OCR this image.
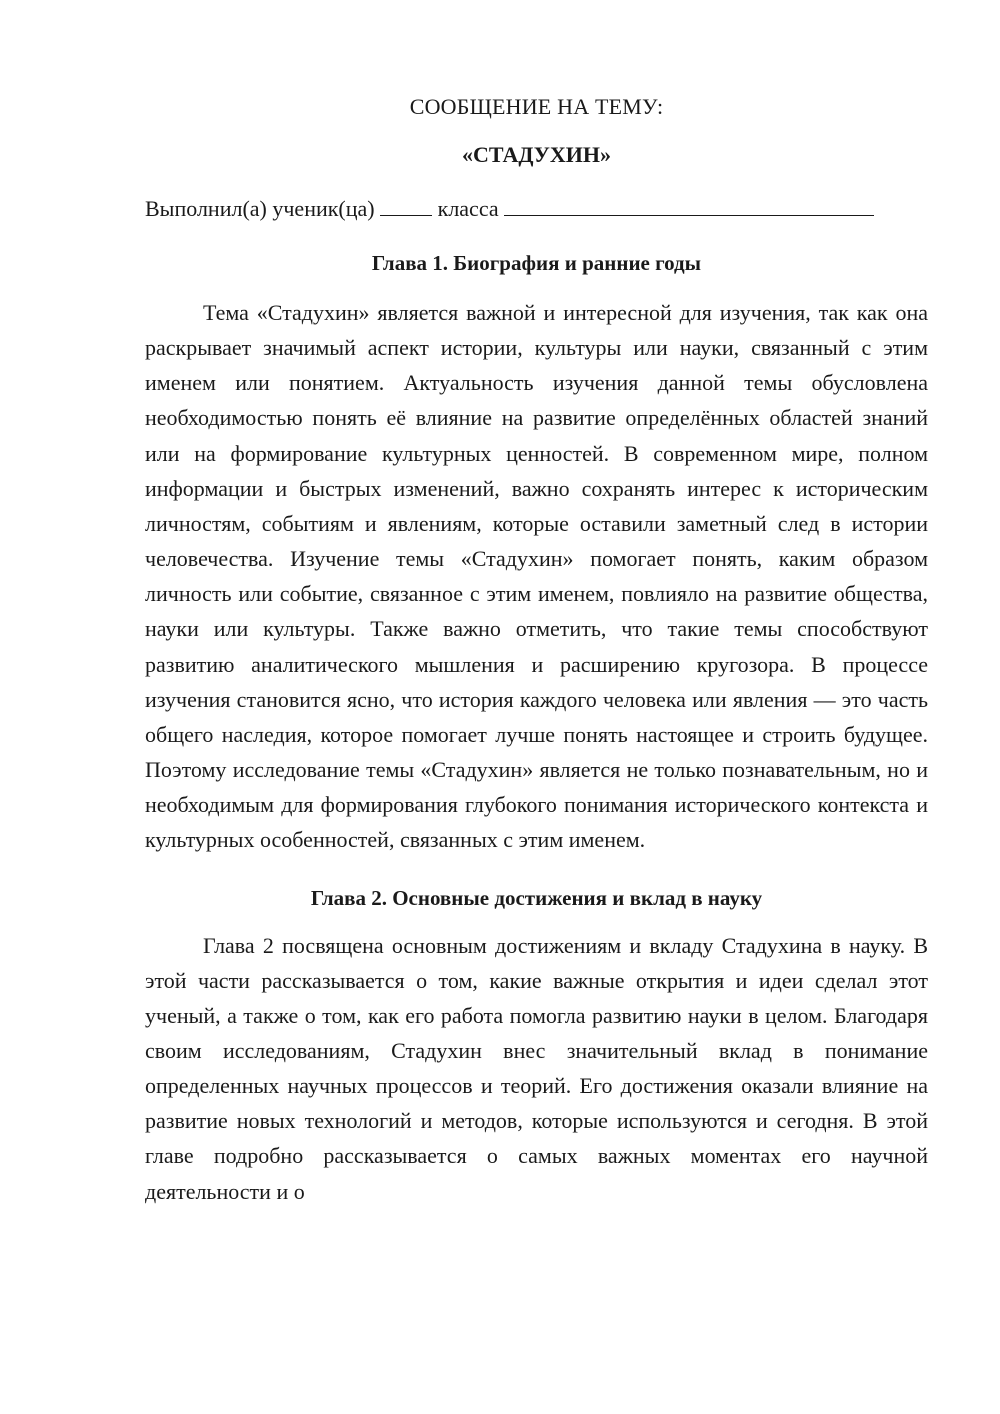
СООБЩЕНИЕ НА ТЕМУ:

«СТАДУХИН»

Выполнил(а) ученик(ца)	класса

Глава 1. Биография и ранние годы

Тема «Стадухин» является важной и интересной для изучения, так как она раскрывает значимый аспект истории, культуры или науки, связанный с этим именем или понятием. Актуальность изучения данной темы обусловлена необходимостью понять её влияние на развитие определённых областей знаний или на формирование культурных ценностей. В современном мире, полном информации и быстрых изменений, важно сохранять интерес к историческим личностям, событиям и явлениям, которые оставили заметный след в истории человечества. Изучение темы «Стадухин» помогает понять, каким образом личность или событие, связанное с этим именем, повлияло на развитие общества, науки или культуры. Также важно отметить, что такие темы способствуют развитию аналитического мышления и расширению кругозора. В процессе изучения становится ясно, что история каждого человека или явления — это часть общего наследия, которое помогает лучше понять настоящее и строить будущее. Поэтому исследование темы «Стадухин» является не только познавательным, но и необходимым для формирования глубокого понимания исторического контекста и культурных особенностей, связанных с этим именем.

Глава 2. Основные достижения и вклад в науку

Глава 2 посвящена основным достижениям и вкладу Стадухина в науку. В этой части рассказывается о том, какие важные открытия и идеи сделал этот ученый, а также о том, как его работа помогла развитию науки в целом. Благодаря своим исследованиям, Стадухин внес значительный вклад в понимание определенных научных процессов и теорий. Его достижения оказали влияние на развитие новых технологий и методов, которые используются и сегодня. В этой главе подробно рассказывается о самых важных моментах его научной деятельности и о
